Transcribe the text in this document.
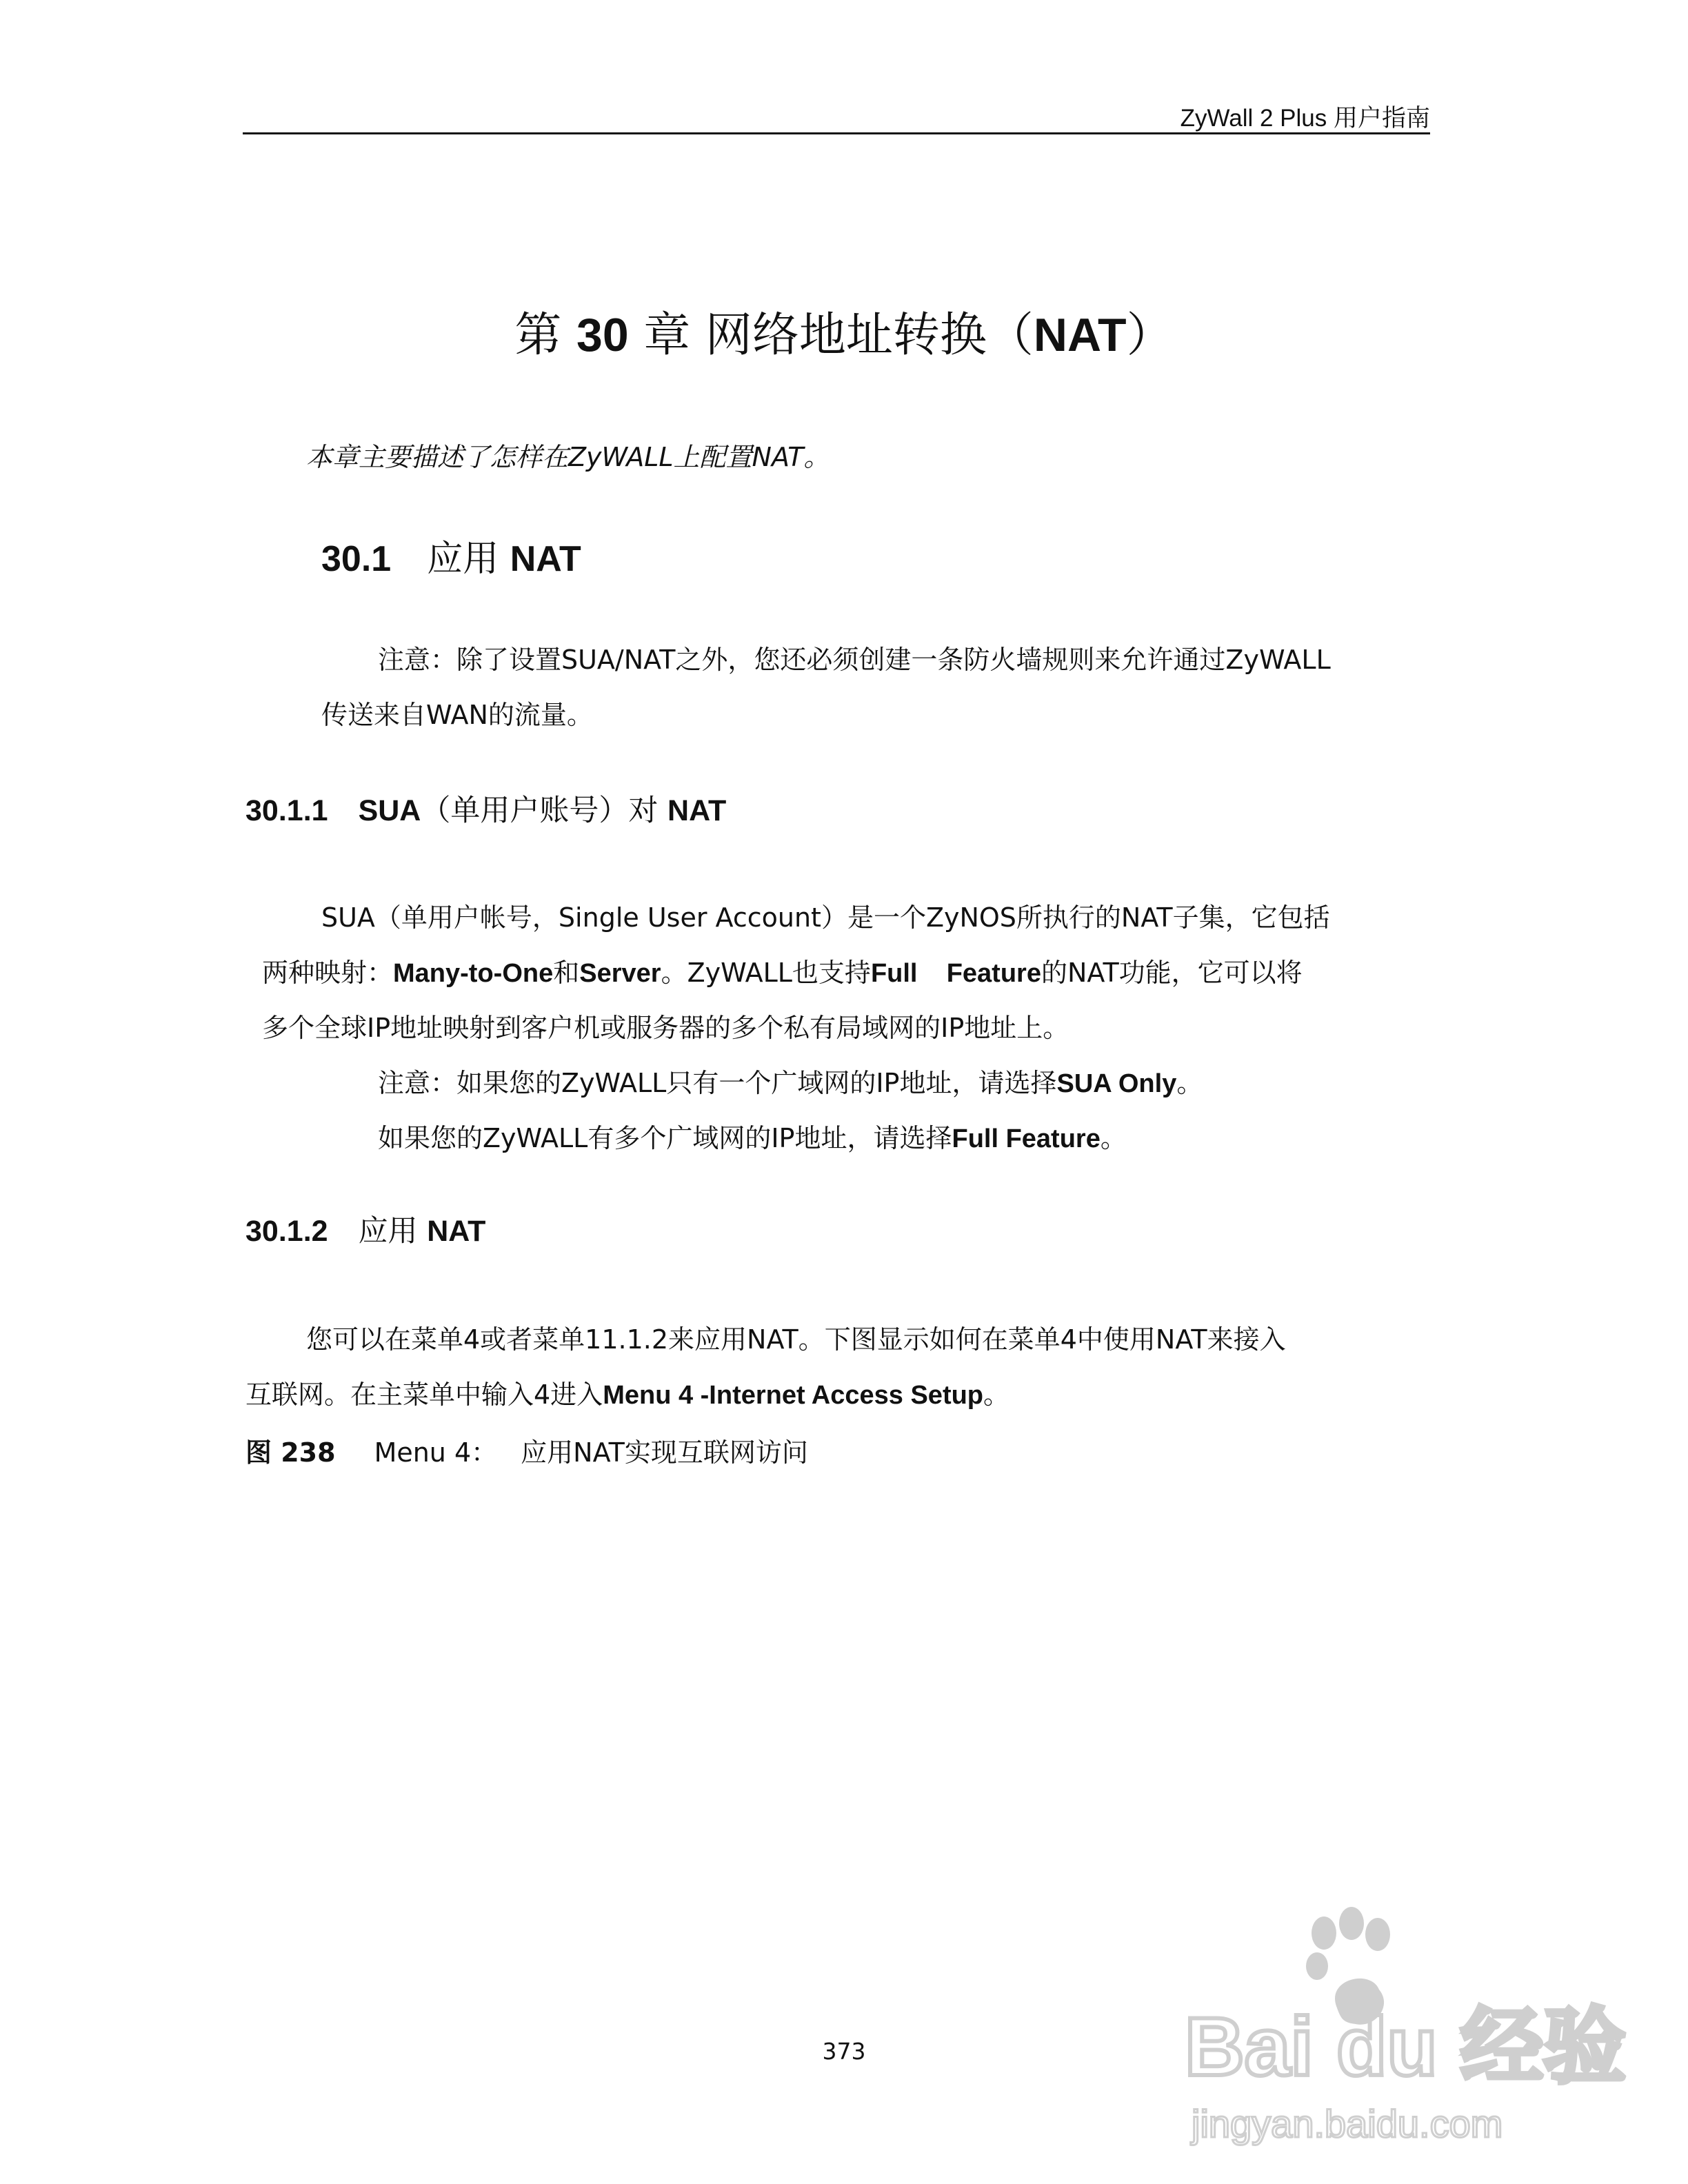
ZyWall 2 Plus 用户指南
第 30 章 网络地址转换（NAT）
本章主要描述了怎样在ZyWALL上配置NAT。
30.1 应用 NAT
注意：除了设置SUA/NAT之外，您还必须创建一条防火墙规则来允许通过ZyWALL
传送来自WAN的流量。
30.1.1 SUA（单用户账号）对 NAT
SUA（单用户帐号，Single User Account）是一个ZyNOS所执行的NAT子集，它包括
两种映射：Many-to-One和Server。ZyWALL也支持Full    Feature的NAT功能，它可以将
多个全球IP地址映射到客户机或服务器的多个私有局域网的IP地址上。
注意：如果您的ZyWALL只有一个广域网的IP地址，请选择SUA Only。
如果您的ZyWALL有多个广域网的IP地址，请选择Full Feature。
30.1.2 应用 NAT
您可以在菜单4或者菜单11.1.2来应用NAT。下图显示如何在菜单4中使用NAT来接入
互联网。在主菜单中输入4进入Menu 4 -Internet Access Setup。
图 238 Menu 4： 应用NAT实现互联网访问
373	Bai du 经验
jingyan.baidu.com
